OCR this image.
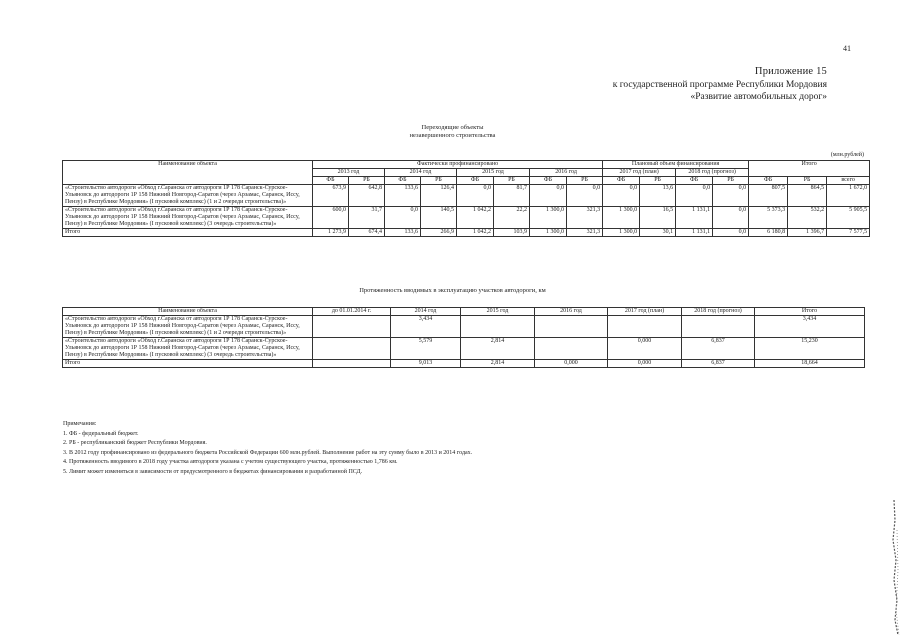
41
Приложение 15
к государственной программе Республики Мордовия
«Развитие автомобильных дорог»
Переходящие объекты
незавершенного строительства
(млн.рублей)
Наименование объекта	Фактически профинансировано								Плановый объем финансирования				Итого		
	2013 год		2014 год		2015 год		2016 год		2017 год (план)		2018 год (прогноз)				
	ФБ	РБ	ФБ	РБ	ФБ	РБ	ФБ	РБ	ФБ	РБ	ФБ	РБ	ФБ	РБ	всего
«Строительство автодороги «Обход г.Саранска от автодороги 1Р 178 Саранск-Сурское-Ульяновск до автодороги 1Р 158 Нижний Новгород-Саратов (через Арзамас, Саранск, Исcу, Пензу) в Республике Мордовия» (I пусковой комплекс) (1 и 2 очереди строительства)»	673,9	642,8	133,6	126,4	0,0	81,7	0,0	0,0	0,0	13,6	0,0	0,0	807,5	864,5	1 672,0
«Строительство автодороги «Обход г.Саранска от автодороги 1Р 178 Саранск-Сурское-Ульяновск до автодороги 1Р 158 Нижний Новгород-Саратов (через Арзамас, Саранск, Исcу, Пензу) в Республике Мордовия» (I пусковой комплекс) (3 очередь строительства)»	600,0	31,7	0,0	140,5	1 042,2	22,2	1 300,0	321,3	1 300,0	16,5	1 131,1	0,0	5 373,3	532,2	5 905,5
Итого	1 273,9	674,4	133,6	266,9	1 042,2	103,9	1 300,0	321,3	1 300,0	30,1	1 131,1	0,0	6 180,8	1 396,7	7 577,5
Протяженность вводимых в эксплуатацию участков автодороги, км
Наименование объекта	до 01.01.2014 г.	2014 год	2015 год	2016 год	2017 год (план)	2018 год (прогноз)	Итого
«Строительство автодороги «Обход г.Саранска от автодороги 1Р 178 Саранск-Сурское-Ульяновск до автодороги 1Р 158 Нижний Новгород-Саратов (через Арзамас, Саранск, Исcу, Пензу) в Республике Мордовия» (I пусковой комплекс) (1 и 2 очереди строительства)»		3,434					3,434
«Строительство автодороги «Обход г.Саранска от автодороги 1Р 178 Саранск-Сурское-Ульяновск до автодороги 1Р 158 Нижний Новгород-Саратов (через Арзамас, Саранск, Исcу, Пензу) в Республике Мордовия» (I пусковой комплекс) (3 очередь строительства)»		5,579	2,814		0,000	6,837	15,230
Итого		9,013	2,814	0,000	0,000	6,837	18,664
Примечания:
1. ФБ - федеральный бюджет.
2. РБ - республиканский бюджет Республики Мордовия.
3. В 2012 году профинансировано из федерального бюджета Российской Федерации 600 млн.рублей. Выполнение работ на эту сумму было в 2013 и 2014 годах.
4. Протяженность вводимого в 2018 году участка автодороги указана с учетом существующего участка, протяженностью 1,786 км.
5. Лимит может изменяться в зависимости от предусмотренного в бюджетах финансирования и разработанной ПСД.
